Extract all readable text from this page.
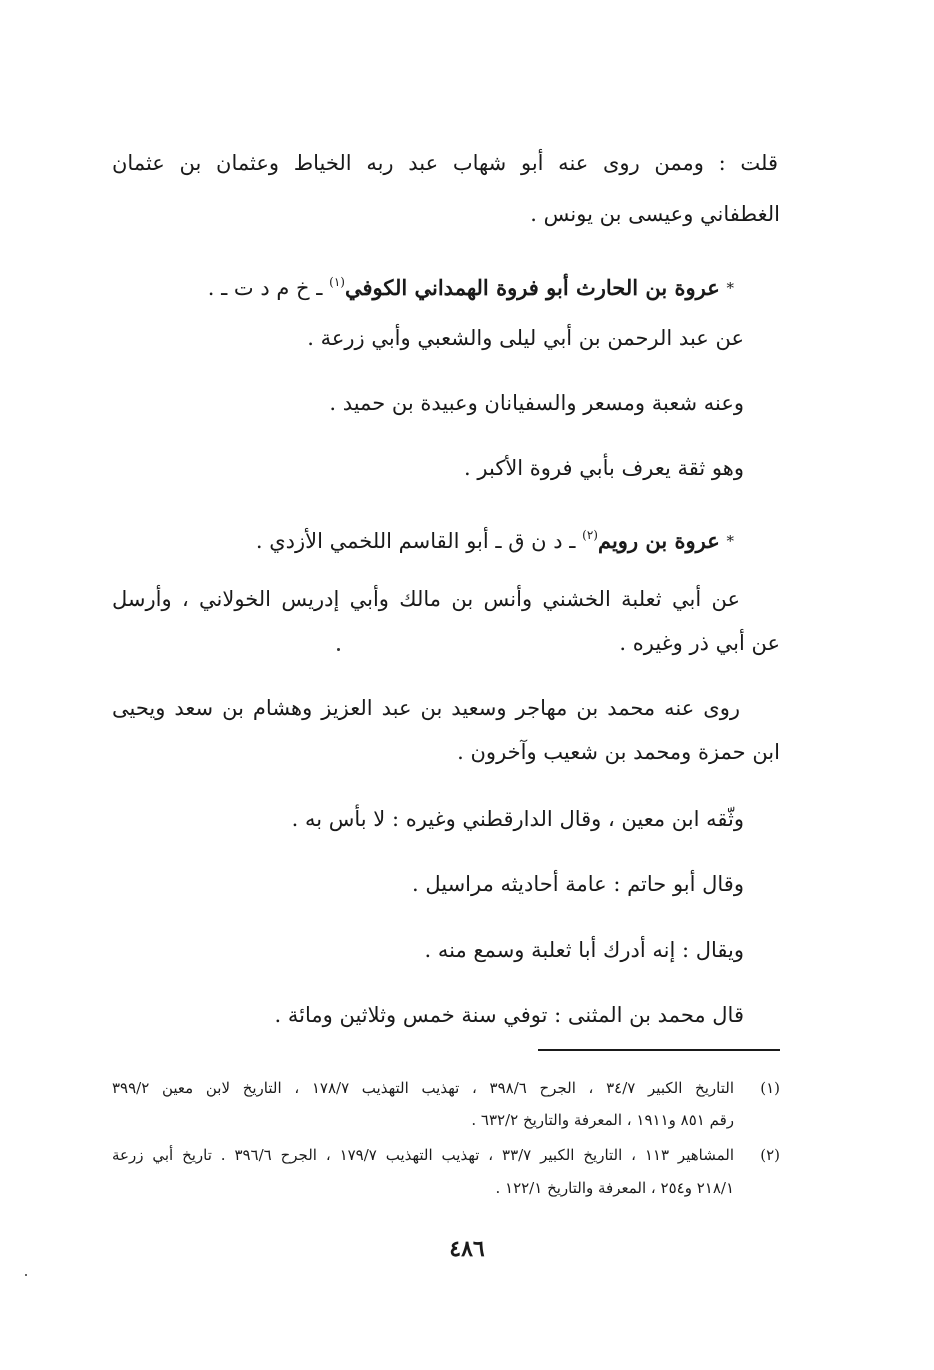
قلت : وممن روى عنه أبو شهاب عبد ربه الخياط وعثمان بن عثمان
الغطفاني وعيسى بن يونس .
* عروة بن الحارث أبو فروة الهمداني الكوفي$^{(١)}$ ـ خ م د ت ـ .
عن عبد الرحمن بن أبي ليلى والشعبي وأبي زرعة .
وعنه شعبة ومسعر والسفيانان وعبيدة بن حميد .
وهو ثقة يعرف بأبي فروة الأكبر .
* عروة بن رويم$^{(٢)}$ ـ د ن ق ـ أبو القاسم اللخمي الأزدي .
عن أبي ثعلبة الخشني وأنس بن مالك وأبي إدريس الخولاني ، وأرسل
عن أبي ذر وغيره .
روى عنه محمد بن مهاجر وسعيد بن عبد العزيز وهشام بن سعد ويحيى
ابن حمزة ومحمد بن شعيب وآخرون .
وثّقه ابن معين ، وقال الدارقطني وغيره : لا بأس به .
وقال أبو حاتم : عامة أحاديثه مراسيل .
ويقال : إنه أدرك أبا ثعلبة وسمع منه .
قال محمد بن المثنى : توفي سنة خمس وثلاثين ومائة .
(١)
التاريخ الكبير ٣٤/٧ ، الجرح ٣٩٨/٦ ، تهذيب التهذيب ١٧٨/٧ ، التاريخ لابن معين ٣٩٩/٢
رقم ٨٥١ و١٩١١ ، المعرفة والتاريخ ٦٣٢/٢ .
(٢)
المشاهير ١١٣ ، التاريخ الكبير ٣٣/٧ ، تهذيب التهذيب ١٧٩/٧ ، الجرح ٣٩٦/٦ . تاريخ أبي زرعة
٢١٨/١ و٢٥٤ ، المعرفة والتاريخ ١٢٢/١ .
٤٨٦
